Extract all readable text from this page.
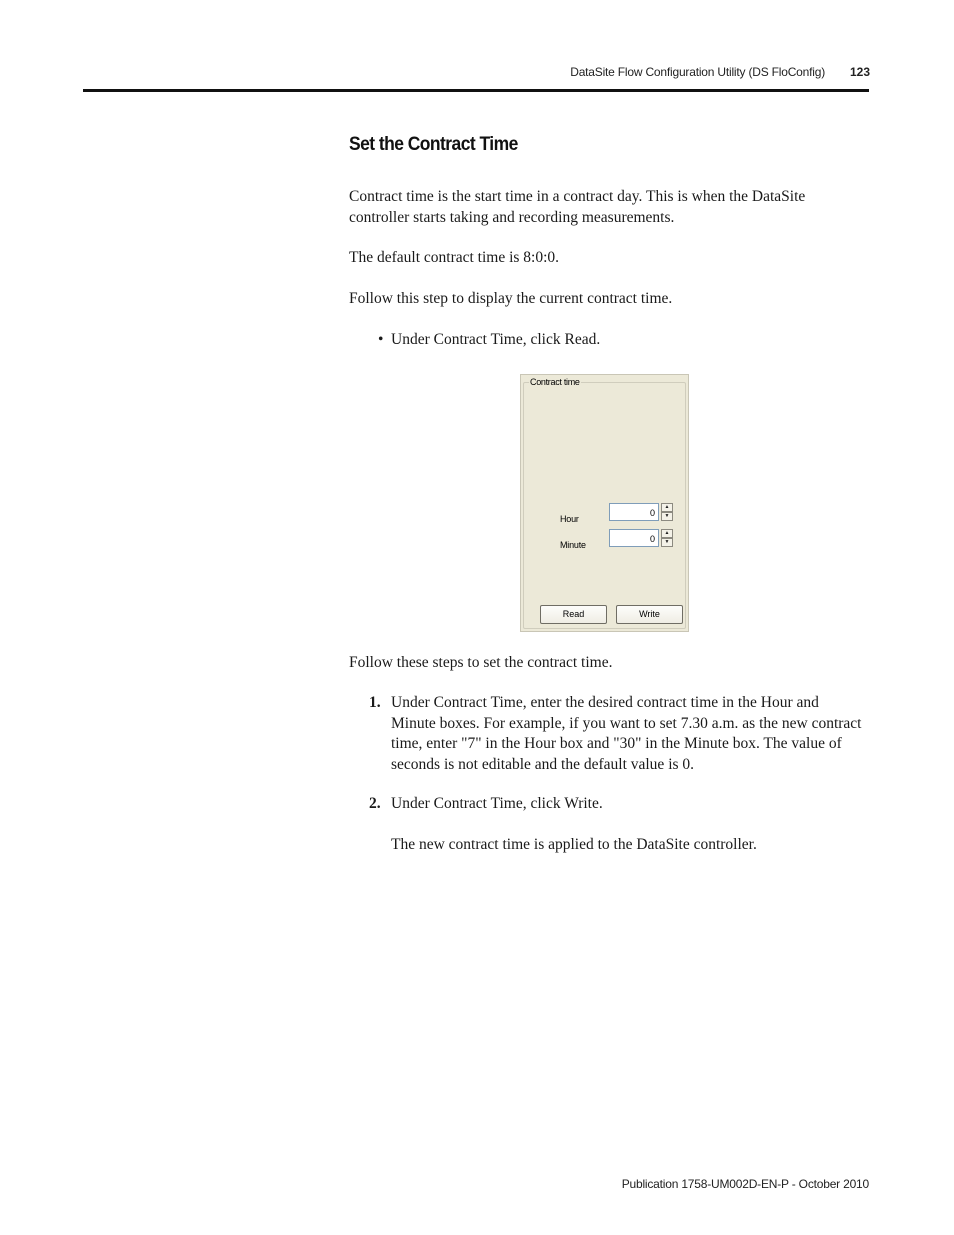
DataSite Flow Configuration Utility (DS FloConfig) 123
Set the Contract Time

Contract time is the start time in a contract day. This is when the DataSite controller starts taking and recording measurements.

The default contract time is 8:0:0.

Follow this step to display the current contract time.

• Under Contract Time, click Read.
Contract time
Hour
0
▲
▼
Minute
0
▲
▼
Read	Write

Follow these steps to set the contract time.

1. Under Contract Time, enter the desired contract time in the Hour and Minute boxes. For example, if you want to set 7.30 a.m. as the new contract time, enter "7" in the Hour box and "30" in the Minute box. The value of seconds is not editable and the default value is 0.

2. Under Contract Time, click Write.

The new contract time is applied to the DataSite controller.

Publication 1758-UM002D-EN-P - October 2010
